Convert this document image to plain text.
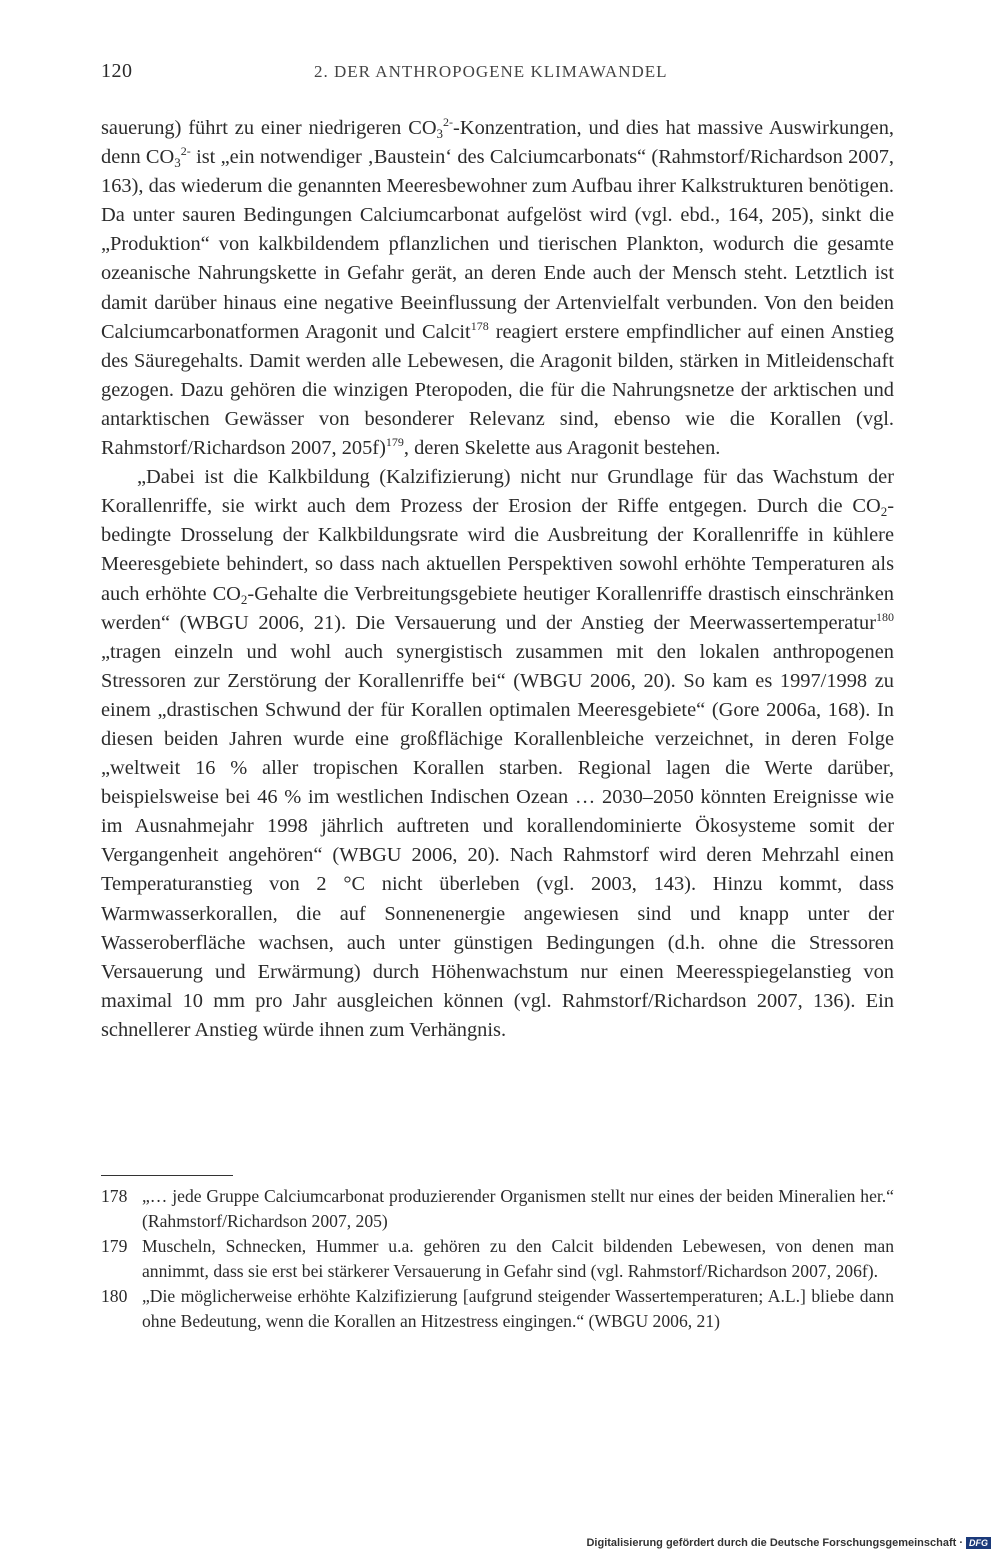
120	2. DER ANTHROPOGENE KLIMAWANDEL

sauerung) führt zu einer niedrigeren $CO_3^{2-}$-Konzentration, und dies hat massive Auswirkungen, denn $CO_3^{2-}$ ist „ein notwendiger ‚Baustein‘ des Calciumcarbonats“ (Rahmstorf/Richardson 2007, 163), das wiederum die genannten Meeresbewohner zum Aufbau ihrer Kalkstrukturen benötigen. Da unter sauren Bedingungen Calciumcarbonat aufgelöst wird (vgl. ebd., 164, 205), sinkt die „Produktion“ von kalkbildendem pflanzlichen und tierischen Plankton, wodurch die gesamte ozeanische Nahrungskette in Gefahr gerät, an deren Ende auch der Mensch steht. Letztlich ist damit darüber hinaus eine negative Beeinflussung der Artenvielfalt verbunden. Von den beiden Calciumcarbonatformen Aragonit und Calcit$^{178}$ reagiert erstere empfindlicher auf einen Anstieg des Säuregehalts. Damit werden alle Lebewesen, die Aragonit bilden, stärken in Mitleidenschaft gezogen. Dazu gehören die winzigen Pteropoden, die für die Nahrungsnetze der arktischen und antarktischen Gewässer von besonderer Relevanz sind, ebenso wie die Korallen (vgl. Rahmstorf/Richardson 2007, 205f)$^{179}$, deren Skelette aus Aragonit bestehen.

„Dabei ist die Kalkbildung (Kalzifizierung) nicht nur Grundlage für das Wachstum der Korallenriffe, sie wirkt auch dem Prozess der Erosion der Riffe entgegen. Durch die $CO_2$-bedingte Drosselung der Kalkbildungsrate wird die Ausbreitung der Korallenriffe in kühlere Meeresgebiete behindert, so dass nach aktuellen Perspektiven sowohl erhöhte Temperaturen als auch erhöhte $CO_2$-Gehalte die Verbreitungsgebiete heutiger Korallenriffe drastisch einschränken werden“ (WBGU 2006, 21). Die Versauerung und der Anstieg der Meerwassertemperatur$^{180}$ „tragen einzeln und wohl auch synergistisch zusammen mit den lokalen anthropogenen Stressoren zur Zerstörung der Korallenriffe bei“ (WBGU 2006, 20). So kam es 1997/1998 zu einem „drastischen Schwund der für Korallen optimalen Meeresgebiete“ (Gore 2006a, 168). In diesen beiden Jahren wurde eine großflächige Korallenbleiche verzeichnet, in deren Folge „weltweit 16 % aller tropischen Korallen starben. Regional lagen die Werte darüber, beispielsweise bei 46 % im westlichen Indischen Ozean … 2030–2050 könnten Ereignisse wie im Ausnahmejahr 1998 jährlich auftreten und korallendominierte Ökosysteme somit der Vergangenheit angehören“ (WBGU 2006, 20). Nach Rahmstorf wird deren Mehrzahl einen Temperaturanstieg von 2 °C nicht überleben (vgl. 2003, 143). Hinzu kommt, dass Warmwasserkorallen, die auf Sonnenenergie angewiesen sind und knapp unter der Wasseroberfläche wachsen, auch unter günstigen Bedingungen (d.h. ohne die Stressoren Versauerung und Erwärmung) durch Höhenwachstum nur einen Meeresspiegelanstieg von maximal 10 mm pro Jahr ausgleichen können (vgl. Rahmstorf/Richardson 2007, 136). Ein schnellerer Anstieg würde ihnen zum Verhängnis.

178 „… jede Gruppe Calciumcarbonat produzierender Organismen stellt nur eines der beiden Mineralien her.“ (Rahmstorf/Richardson 2007, 205)

179 Muscheln, Schnecken, Hummer u.a. gehören zu den Calcit bildenden Lebewesen, von denen man annimmt, dass sie erst bei stärkerer Versauerung in Gefahr sind (vgl. Rahmstorf/Richardson 2007, 206f).

180 „Die möglicherweise erhöhte Kalzifizierung [aufgrund steigender Wassertemperaturen; A.L.] bliebe dann ohne Bedeutung, wenn die Korallen an Hitzestress eingingen.“ (WBGU 2006, 21)

Digitalisierung gefördert durch die Deutsche Forschungsgemeinschaft · DFG
